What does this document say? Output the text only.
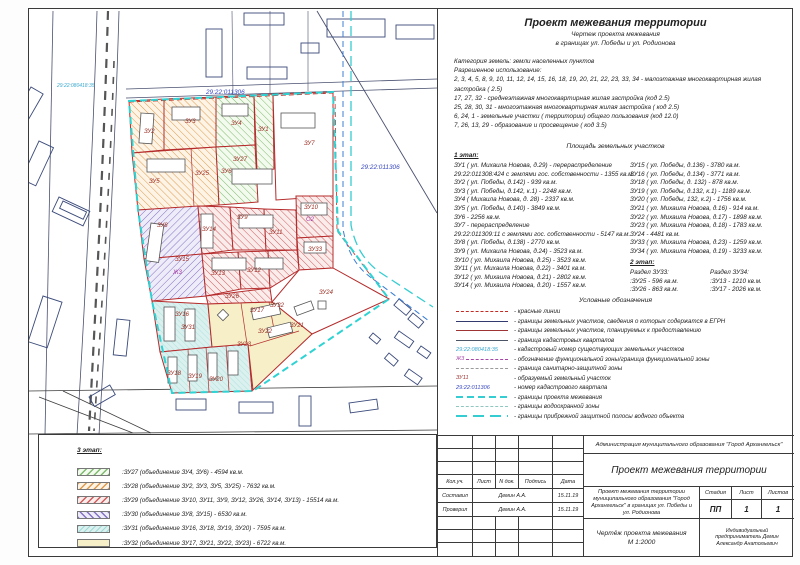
ЗУ2
ЗУ3	ЗУ4
ЗУ1
ЗУ27
ЗУ6
ЗУ5
ЗУ25
ЗУ7
ЗУ8
ЗУ15
Ж3
ЗУ14
ЗУ9
ЗУ11
ЗУ10
О2
ЗУ33
ЗУ24
ЗУ13	ЗУ12
ЗУ26
ЗУ16
ЗУ31
ЗУ18 ЗУ19 ЗУ20
ЗУ17
ЗУ32
ЗУ22
ЗУ23
ЗУ21
29:22:011306
29:22:011306
29:22:080418:35
3 этап:
:ЗУ27 (объединение ЗУ4, ЗУ6) - 4594 кв.м.
:ЗУ28 (объединение ЗУ2, ЗУ3, ЗУ5, ЗУ25) - 7632 кв.м.
:ЗУ29 (объединение ЗУ10, ЗУ11, ЗУ9, ЗУ12, ЗУ26, ЗУ14, ЗУ13) - 15514 кв.м.
:ЗУ30 (объединение ЗУ8, ЗУ15) - 6530 кв.м.
:ЗУ31 (объединение ЗУ16, ЗУ18, ЗУ19, ЗУ20) - 7595 кв.м.
:ЗУ32 (объединение ЗУ17, ЗУ21, ЗУ22, ЗУ23) - 6722 кв.м.
Проект межевания территории
Чертеж проекта межевания
в границах ул. Победы и ул. Родионова
Категория земель: земли населенных пунктов
Разрешенное использование:
2, 3, 4, 5, 8, 9, 10, 11, 12, 14, 15, 16, 18, 19, 20, 21, 22, 23, 33, 34 - малоэтажная многоквартирная жилая
застройка ( 2.5)
17, 27, 32 - среднеэтажная многоквартирная жилая застройка (код 2.5)
25, 28, 30, 31 - многоэтажная многоквартирная жилая застройка ( код 2.5)
6, 24, 1 - земельные участки ( территории) общего пользования (код 12.0)
7, 26, 13, 29 - образование и просвещение ( код 3.5)
Площадь земельных участков
1 этап:
ЗУ1 ( ул. Михаила Новова, д.29) - перераспределение
29:22:011308:424 с землями гос. собственности - 1355 кв.м.
ЗУ2 ( ул. Победы, д.142) - 939 кв.м.
ЗУ3 ( ул. Победы, д.142, к.1) - 2248 кв.м.
ЗУ4 ( Михаила Новова, д. 28) - 2337 кв.м.
ЗУ5 ( ул. Победы, д.140) - 3849 кв.м.
ЗУ6 - 2256 кв.м.
ЗУ7 - перераспределение
29:22:011309:11 с землями гос. собственности - 5147 кв.м.
ЗУ8 ( ул. Победы, д.138) - 2770 кв.м.
ЗУ9 ( ул. Михаила Новова, д.24) - 3523 кв.м.
ЗУ10 ( ул. Михаила Новова, д.25) - 3523 кв.м.
ЗУ11 ( ул. Михаила Новова, д.22) - 3401 кв.м.
ЗУ12 ( ул. Михаила Новова, д.21) - 2802 кв.м.
ЗУ14 ( ул. Михаила Новова, д.20) - 1557 кв.м.
ЗУ15 ( ул. Победы, д.136) - 3780 кв.м.
ЗУ16 ( ул. Победы, д.134) - 3771 кв.м.
ЗУ18 ( ул. Победы, д. 132) - 878 кв.м.
ЗУ19 ( ул. Победы, д.132, к.1) - 1189 кв.м.
ЗУ20 ( ул. Победы, 132, к.2) - 1756 кв.м.
ЗУ21 ( ул. Михаила Новова, д.16) - 914 кв.м.
ЗУ22 ( ул. Михаила Новова, д.17) - 1898 кв.м.
ЗУ23 ( ул. Михаила Новова, д.18) - 1783 кв.м.
ЗУ24 - 4481 кв.м.
ЗУ33 ( ул. Михаила Новова, д.23) - 1259 кв.м.
ЗУ34 ( ул. Михаила Новова, д.19) - 3233 кв.м.
2 этап:
Раздел ЗУ33:
:ЗУ25 - 596 кв.м.
:ЗУ26 - 863 кв.м.
Раздел ЗУ34:
:ЗУ13 - 1210 кв.м.
:ЗУ17 - 2026 кв.м.
Условные обозначения
- красные линии
- границы земельных участков, сведения о которых содержатся в ЕГРН
- границы земельных участков, планируемых к предоставлению
- граница кадастровых кварталов
29:22:080418:35	- кадастровый номер существующих земельных участков
Ж3	- обозначение функциональной зоны/граница функциональной зоны
- граница санитарно-защитной зоны
ЗУ11	- образуемый земельный участок
29:22:011306	- номер кадастрового квартала
- границы проекта межевания
- границы водоохранной зоны
- границы прибрежной защитной полосы водного объекта
Кол.уч.	Лист	N док.	Подпись	Дата
Составил	Демин А.А.	15.11.19
Проверил	Демин А.А.	15.11.19
Администрация муниципального образования "Город Архангельск"
Проект межевания территории
Проект межевания территории муниципального образования "Город Архангельск" в границах ул. Победы и ул. Родионова
Стадия	Лист	Листов
ПП	1	1
Чертёж проекта межевания
М 1:2000
Индивидуальный предприниматель Демин Александр Анатольевич
